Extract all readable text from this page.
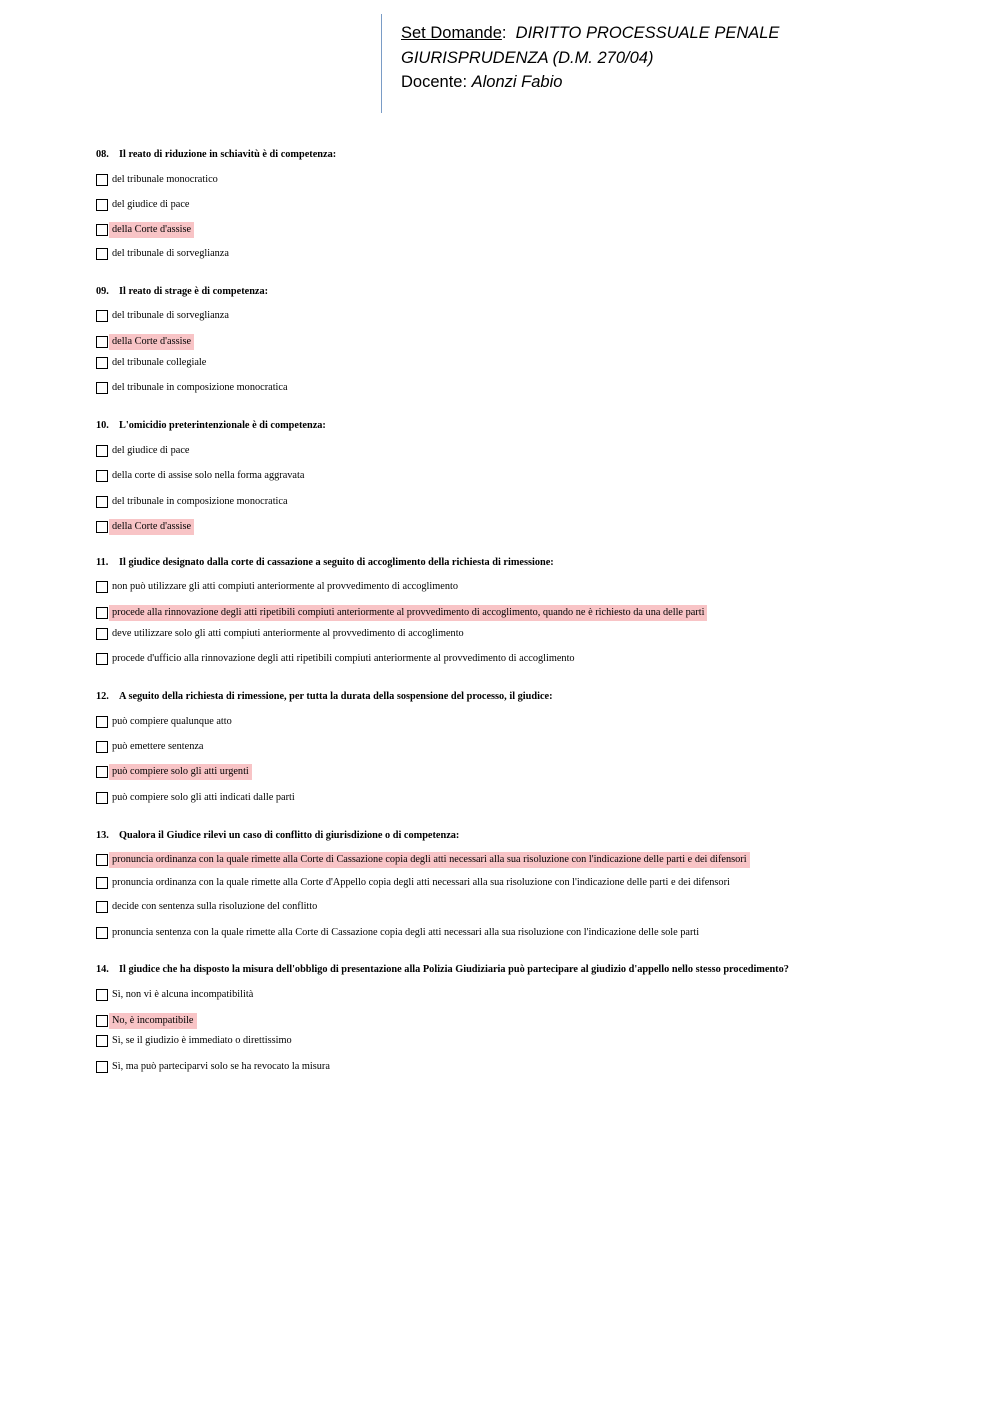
Set Domande: DIRITTO PROCESSUALE PENALE
GIURISPRUDENZA (D.M. 270/04)
Docente: Alonzi Fabio
08. Il reato di riduzione in schiavitù è di competenza:
del tribunale monocratico
del giudice di pace
della Corte d'assise
del tribunale di sorveglianza
09. Il reato di strage è di competenza:
del tribunale di sorveglianza
della Corte d'assise
del tribunale collegiale
del tribunale in composizione monocratica
10. L'omicidio preterintenzionale è di competenza:
del giudice di pace
della corte di assise solo nella forma aggravata
del tribunale in composizione monocratica
della Corte d'assise
11. Il giudice designato dalla corte di cassazione a seguito di accoglimento della richiesta di rimessione:
non può utilizzare gli atti compiuti anteriormente al provvedimento di accoglimento
procede alla rinnovazione degli atti ripetibili compiuti anteriormente al provvedimento di accoglimento, quando ne è richiesto da una delle parti
deve utilizzare solo gli atti compiuti anteriormente al provvedimento di accoglimento
procede d'ufficio alla rinnovazione degli atti ripetibili compiuti anteriormente al provvedimento di accoglimento
12. A seguito della richiesta di rimessione, per tutta la durata della sospensione del processo, il giudice:
può compiere qualunque atto
può emettere sentenza
può compiere solo gli atti urgenti
può compiere solo gli atti indicati dalle parti
13. Qualora il Giudice rilevi un caso di conflitto di giurisdizione o di competenza:
pronuncia ordinanza con la quale rimette alla Corte di Cassazione copia degli atti necessari alla sua risoluzione con l'indicazione delle parti e dei difensori
pronuncia ordinanza con la quale rimette alla Corte d'Appello copia degli atti necessari alla sua risoluzione con l'indicazione delle parti e dei difensori
decide con sentenza sulla risoluzione del conflitto
pronuncia sentenza con la quale rimette alla Corte di Cassazione copia degli atti necessari alla sua risoluzione con l'indicazione delle sole parti
14. Il giudice che ha disposto la misura dell'obbligo di presentazione alla Polizia Giudiziaria può partecipare al giudizio d'appello nello stesso procedimento?
Sì, non vi è alcuna incompatibilità
No, è incompatibile
Sì, se il giudizio è immediato o direttissimo
Sì, ma può parteciparvi solo se ha revocato la misura
